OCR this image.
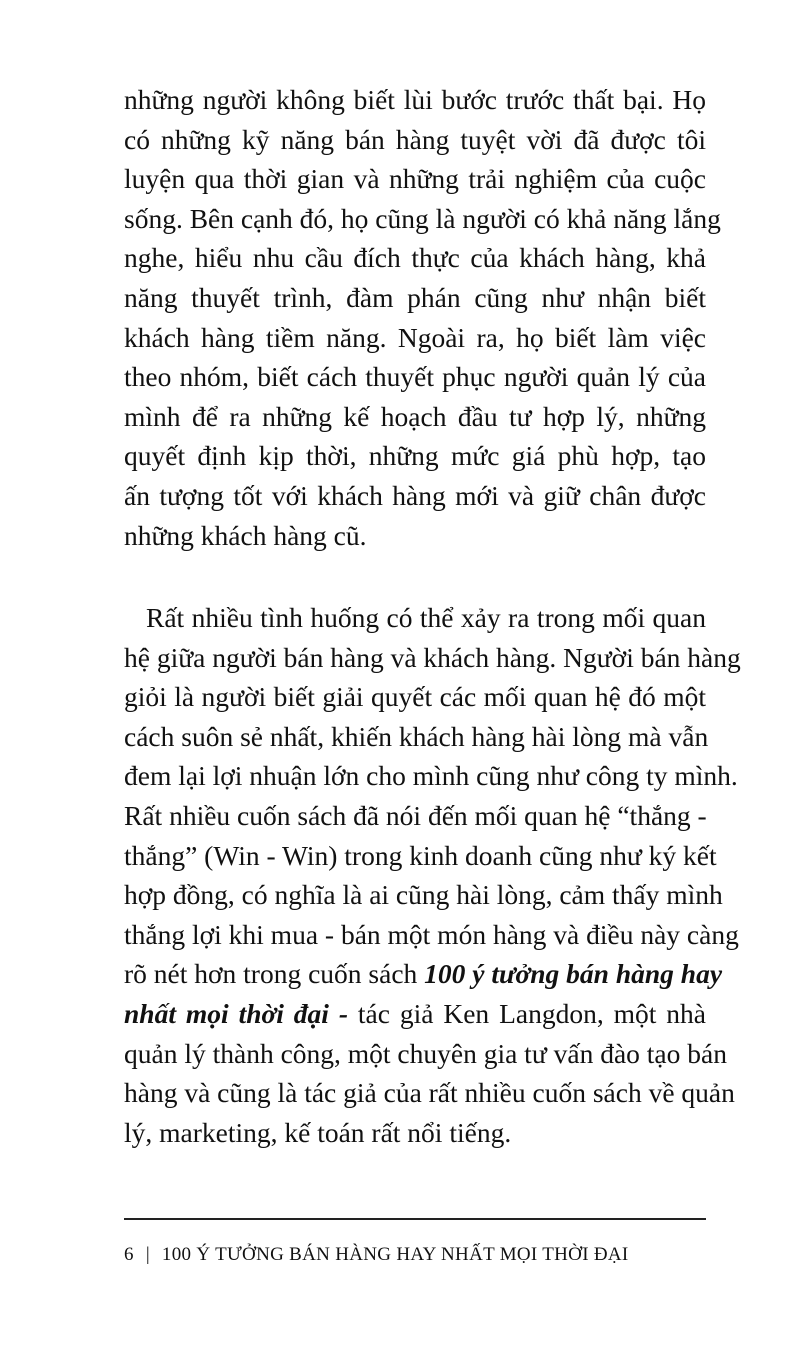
những người không biết lùi bước trước thất bại. Họ
có những kỹ năng bán hàng tuyệt vời đã được tôi
luyện qua thời gian và những trải nghiệm của cuộc
sống. Bên cạnh đó, họ cũng là người có khả năng lắng
nghe, hiểu nhu cầu đích thực của khách hàng, khả
năng thuyết trình, đàm phán cũng như nhận biết
khách hàng tiềm năng. Ngoài ra, họ biết làm việc
theo nhóm, biết cách thuyết phục người quản lý của
mình để ra những kế hoạch đầu tư hợp lý, những
quyết định kịp thời, những mức giá phù hợp, tạo
ấn tượng tốt với khách hàng mới và giữ chân được
những khách hàng cũ.
Rất nhiều tình huống có thể xảy ra trong mối quan
hệ giữa người bán hàng và khách hàng. Người bán hàng
giỏi là người biết giải quyết các mối quan hệ đó một
cách suôn sẻ nhất, khiến khách hàng hài lòng mà vẫn
đem lại lợi nhuận lớn cho mình cũng như công ty mình.
Rất nhiều cuốn sách đã nói đến mối quan hệ “thắng -
thắng” (Win - Win) trong kinh doanh cũng như ký kết
hợp đồng, có nghĩa là ai cũng hài lòng, cảm thấy mình
thắng lợi khi mua - bán một món hàng và điều này càng
rõ nét hơn trong cuốn sách 100 ý tưởng bán hàng hay
nhất mọi thời đại - tác giả Ken Langdon, một nhà
quản lý thành công, một chuyên gia tư vấn đào tạo bán
hàng và cũng là tác giả của rất nhiều cuốn sách về quản
lý, marketing, kế toán rất nổi tiếng.
6 | 100 Ý TƯỞNG BÁN HÀNG HAY NHẤT MỌI THỜI ĐẠI
